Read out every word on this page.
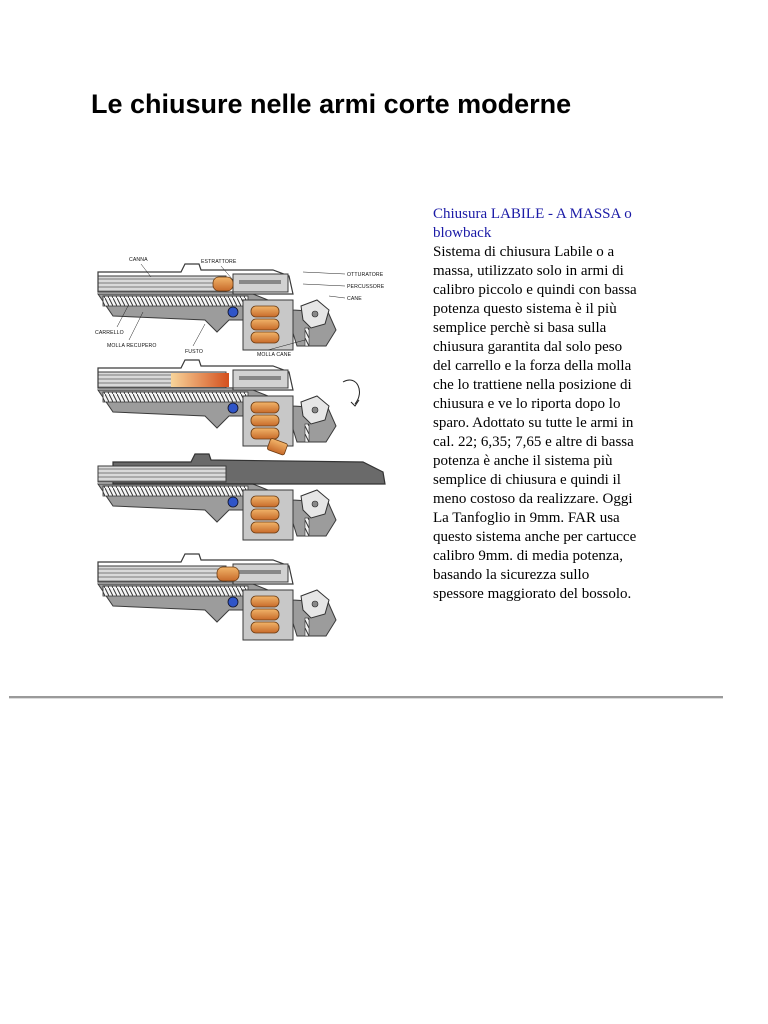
Le chiusure nelle armi corte moderne
CANNA	ESTRATTORE
OTTURATORE
PERCUSSORE
CANE
CARRELLO
MOLLA RECUPERO
FUSTO	MOLLA CANE

Chiusura LABILE - A MASSA o blowback

Sistema di chiusura Labile o a massa, utilizzato solo in armi di calibro piccolo e quindi con bassa potenza questo sistema è il più semplice perchè si basa sulla chiusura garantita dal solo peso del carrello e la forza della molla che lo trattiene nella posizione di chiusura e ve lo riporta dopo lo sparo. Adottato su tutte le armi in cal. 22; 6,35; 7,65 e altre di bassa potenza è anche il sistema più semplice di chiusura e quindi il meno costoso da realizzare. Oggi La Tanfoglio in 9mm. FAR usa questo sistema anche per cartucce calibro 9mm. di media potenza, basando la sicurezza sullo spessore maggiorato del bossolo.
